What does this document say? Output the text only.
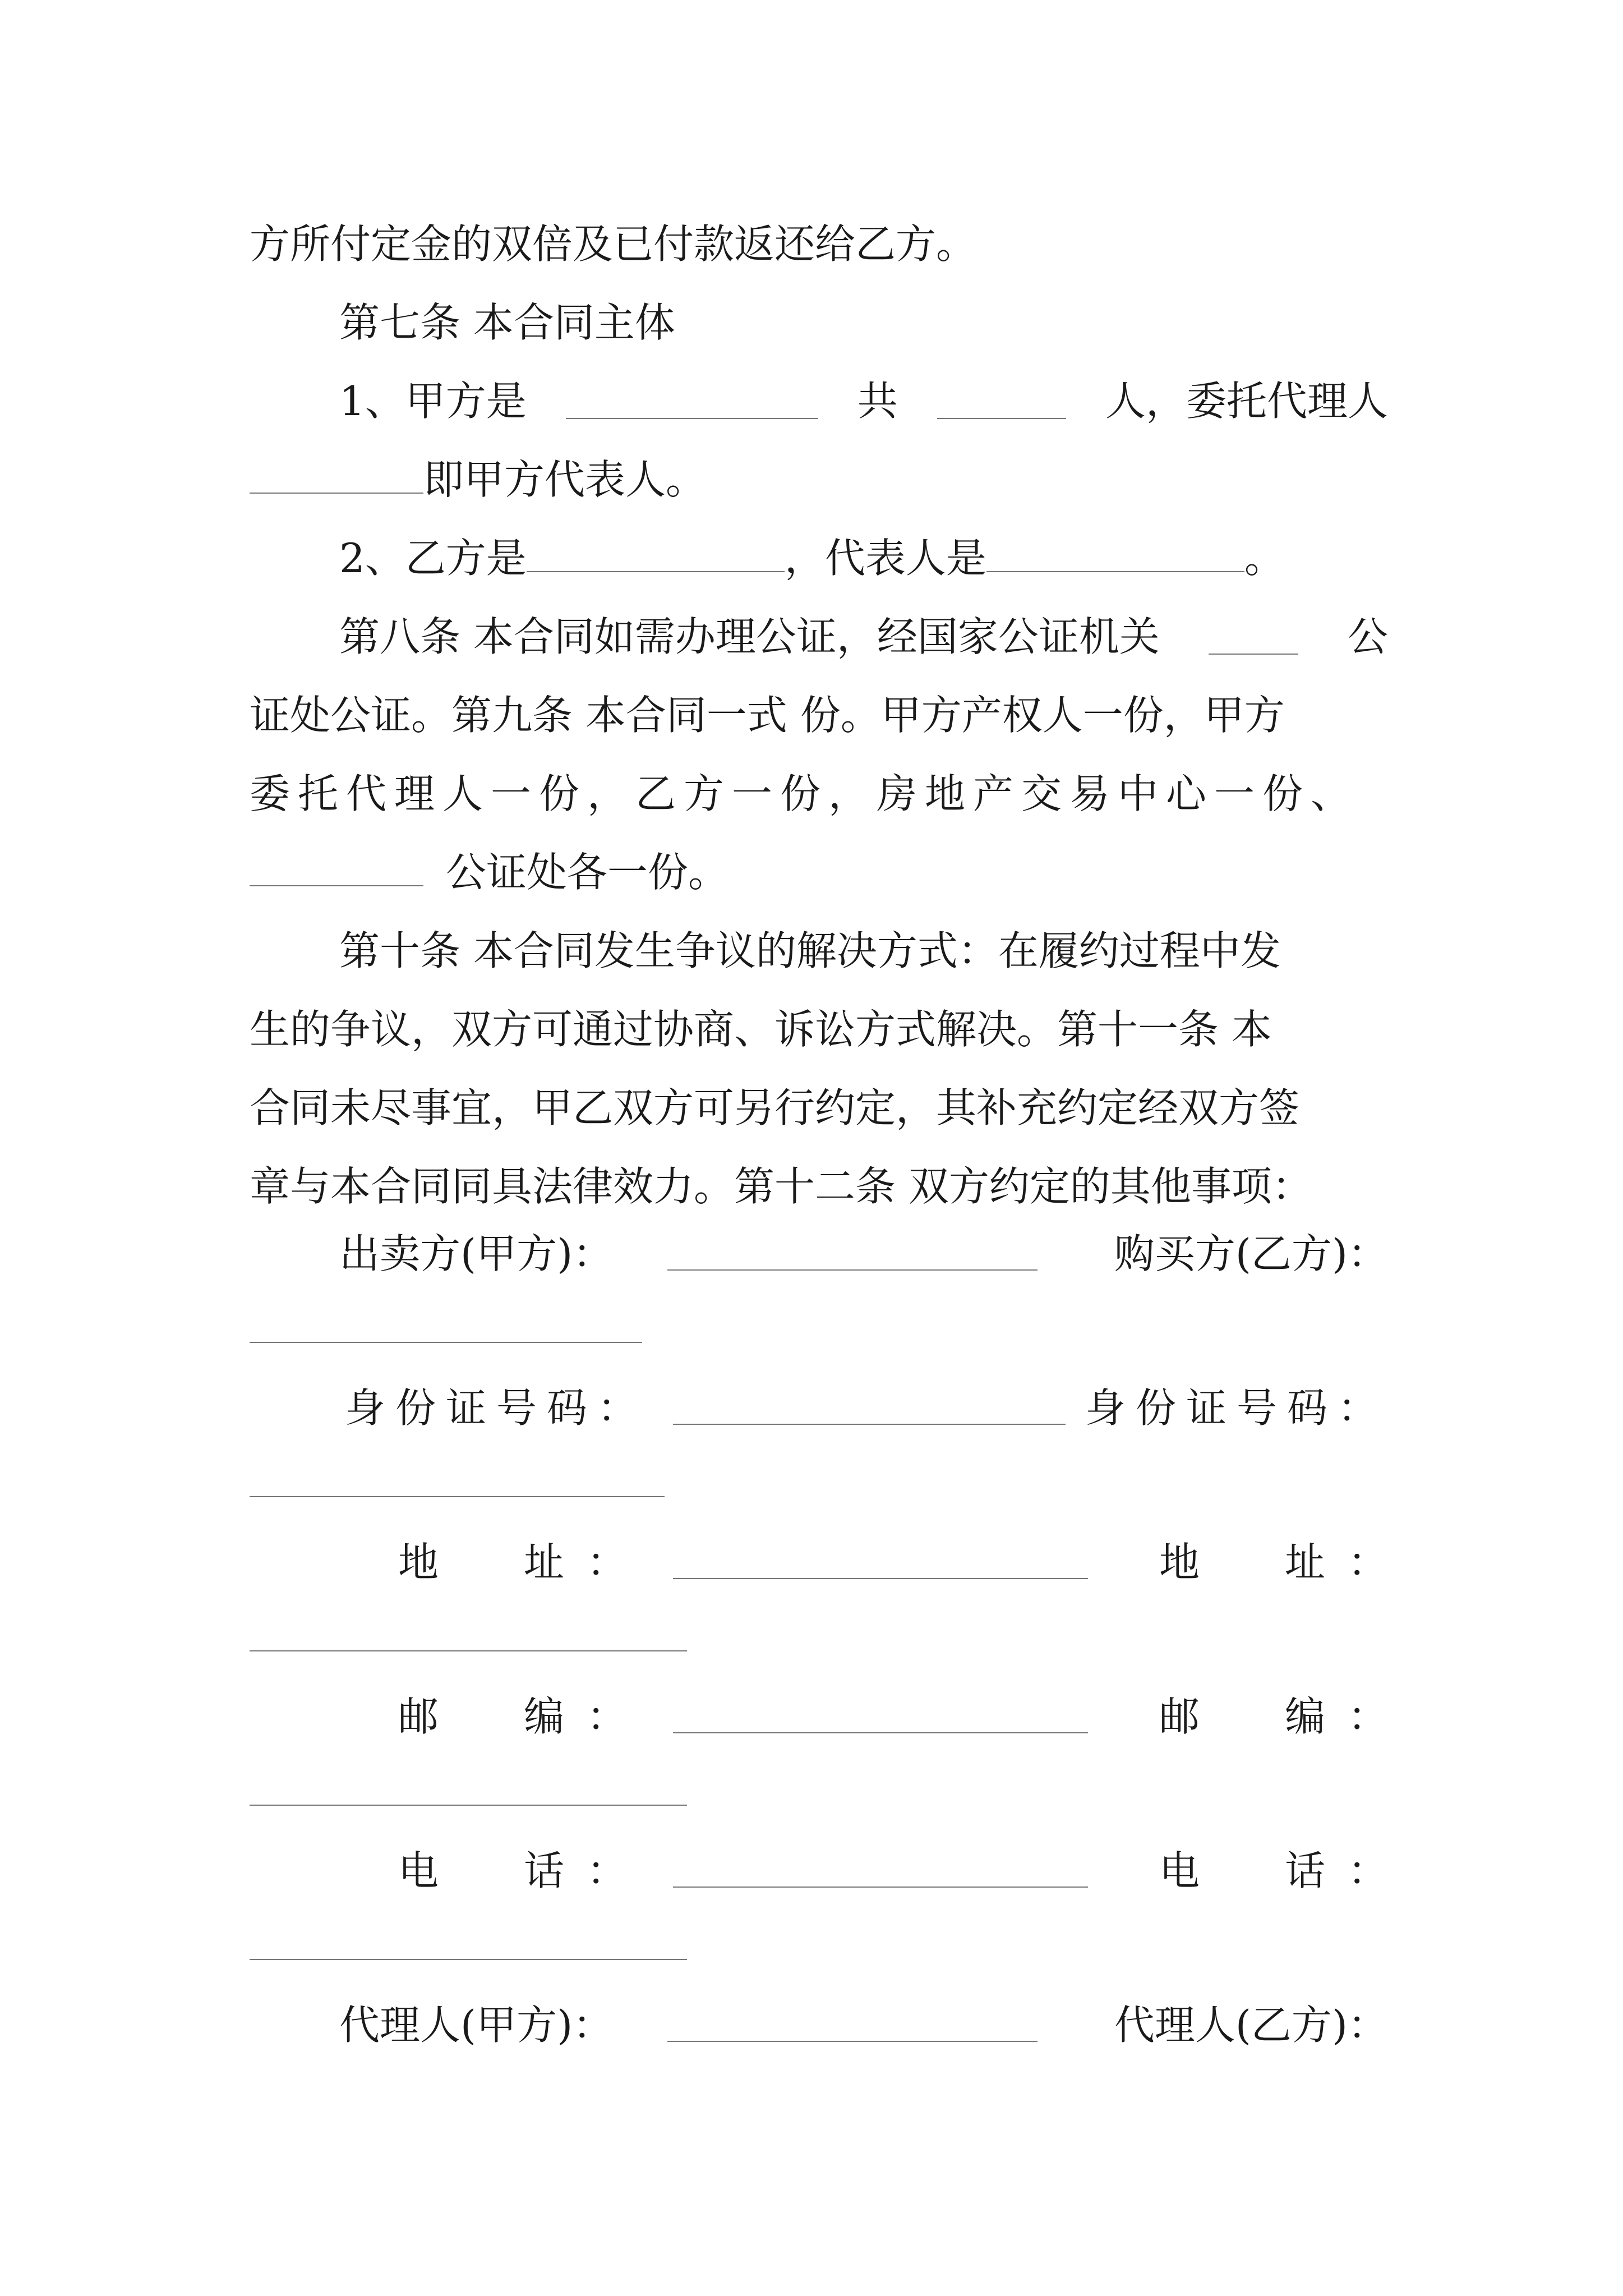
方所付定金的双倍及已付款返还给乙方。
第七条 本合同主体
1、甲方是	共	人，委托代理人
即甲方代表人。
2、乙方是	，代表人是	。
第八条 本合同如需办理公证，经国家公证机关	公
证处公证。第九条 本合同一式 份。甲方产权人一份，甲方
委托代理人一份，乙方一份，房地产交易中心一份、
公证处各一份。
第十条 本合同发生争议的解决方式：在履约过程中发
生的争议，双方可通过协商、诉讼方式解决。第十一条 本
合同未尽事宜，甲乙双方可另行约定，其补充约定经双方签
章与本合同同具法律效力。第十二条 双方约定的其他事项：
出卖方(甲方)：	购买方(乙方)：
身份证号码：	身份证号码：
地　址：	地　址：
邮　编：	邮　编：
电　话：	电　话：
代理人(甲方)：	代理人(乙方)：
